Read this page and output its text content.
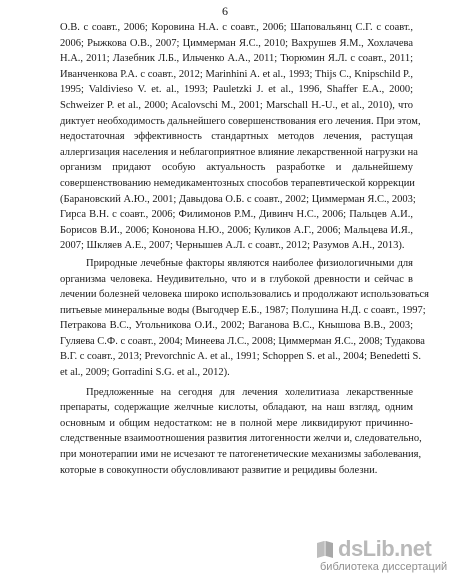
6

О.В. с соавт., 2006; Коровина Н.А. с соавт., 2006; Шаповальянц С.Г. с соавт.,
2006; Рыжкова О.В., 2007; Циммерман Я.С., 2010; Вахрушев Я.М., Хохлачева
Н.А., 2011; Лазебник Л.Б., Ильченко А.А., 2011; Тюрюмин Я.Л. с соавт., 2011;
Иванченкова Р.А. с соавт., 2012; Marinhini A. et al., 1993; Thijs C., Knipschild P.,
1995; Valdivieso V. et. al., 1993; Pauletzki J. et al., 1996, Shaffer E.A., 2000;
Schweizer P. et al., 2000; Acalovschi M., 2001; Marschall H.-U., et al., 2010), что
диктует необходимость дальнейшего совершенствования его лечения. При этом,
недостаточная эффективность стандартных методов лечения, растущая
аллергизация населения и неблагоприятное влияние лекарственной нагрузки на
организм придают особую актуальность разработке и дальнейшему
совершенствованию немедикаментозных способов терапевтической коррекции
(Барановский А.Ю., 2001; Давыдова О.Б. с соавт., 2002; Циммерман Я.С., 2003;
Гирса В.Н. с соавт., 2006; Филимонов Р.М., Дивинч Н.С., 2006; Пальцев А.И.,
Борисов В.И., 2006; Кононова Н.Ю., 2006; Куликов А.Г., 2006; Мальцева И.Я.,
2007; Шкляев А.Е., 2007; Чернышев А.Л. с соавт., 2012; Разумов А.Н., 2013).

Природные лечебные факторы являются наиболее физиологичными для
организма человека. Неудивительно, что и в глубокой древности и сейчас в
лечении болезней человека широко использовались и продолжают использоваться
питьевые минеральные воды (Выгодчер Е.Б., 1987; Полушина Н.Д. с соавт., 1997;
Петракова В.С., Угольникова О.И., 2002; Ваганова В.С., Кнышова В.В., 2003;
Гуляева С.Ф. с соавт., 2004; Минеева Л.С., 2008; Циммерман Я.С., 2008; Тудакова
В.Г. с соавт., 2013; Prevorchnic A. et al., 1991; Schoppen S. et al., 2004; Benedetti S.
et al., 2009; Gorradini S.G. et al., 2012).

Предложенные на сегодня для лечения холелитиаза лекарственные
препараты, содержащие желчные кислоты, обладают, на наш взгляд, одним
основным и общим недостатком: не в полной мере ликвидируют причинно-
следственные взаимоотношения развития литогенности желчи и, следовательно,
при монотерапии ими не исчезают те патогенетические механизмы заболевания,
которые в совокупности обусловливают развитие и рецидивы болезни.

dsLib.net
библиотека диссертаций
